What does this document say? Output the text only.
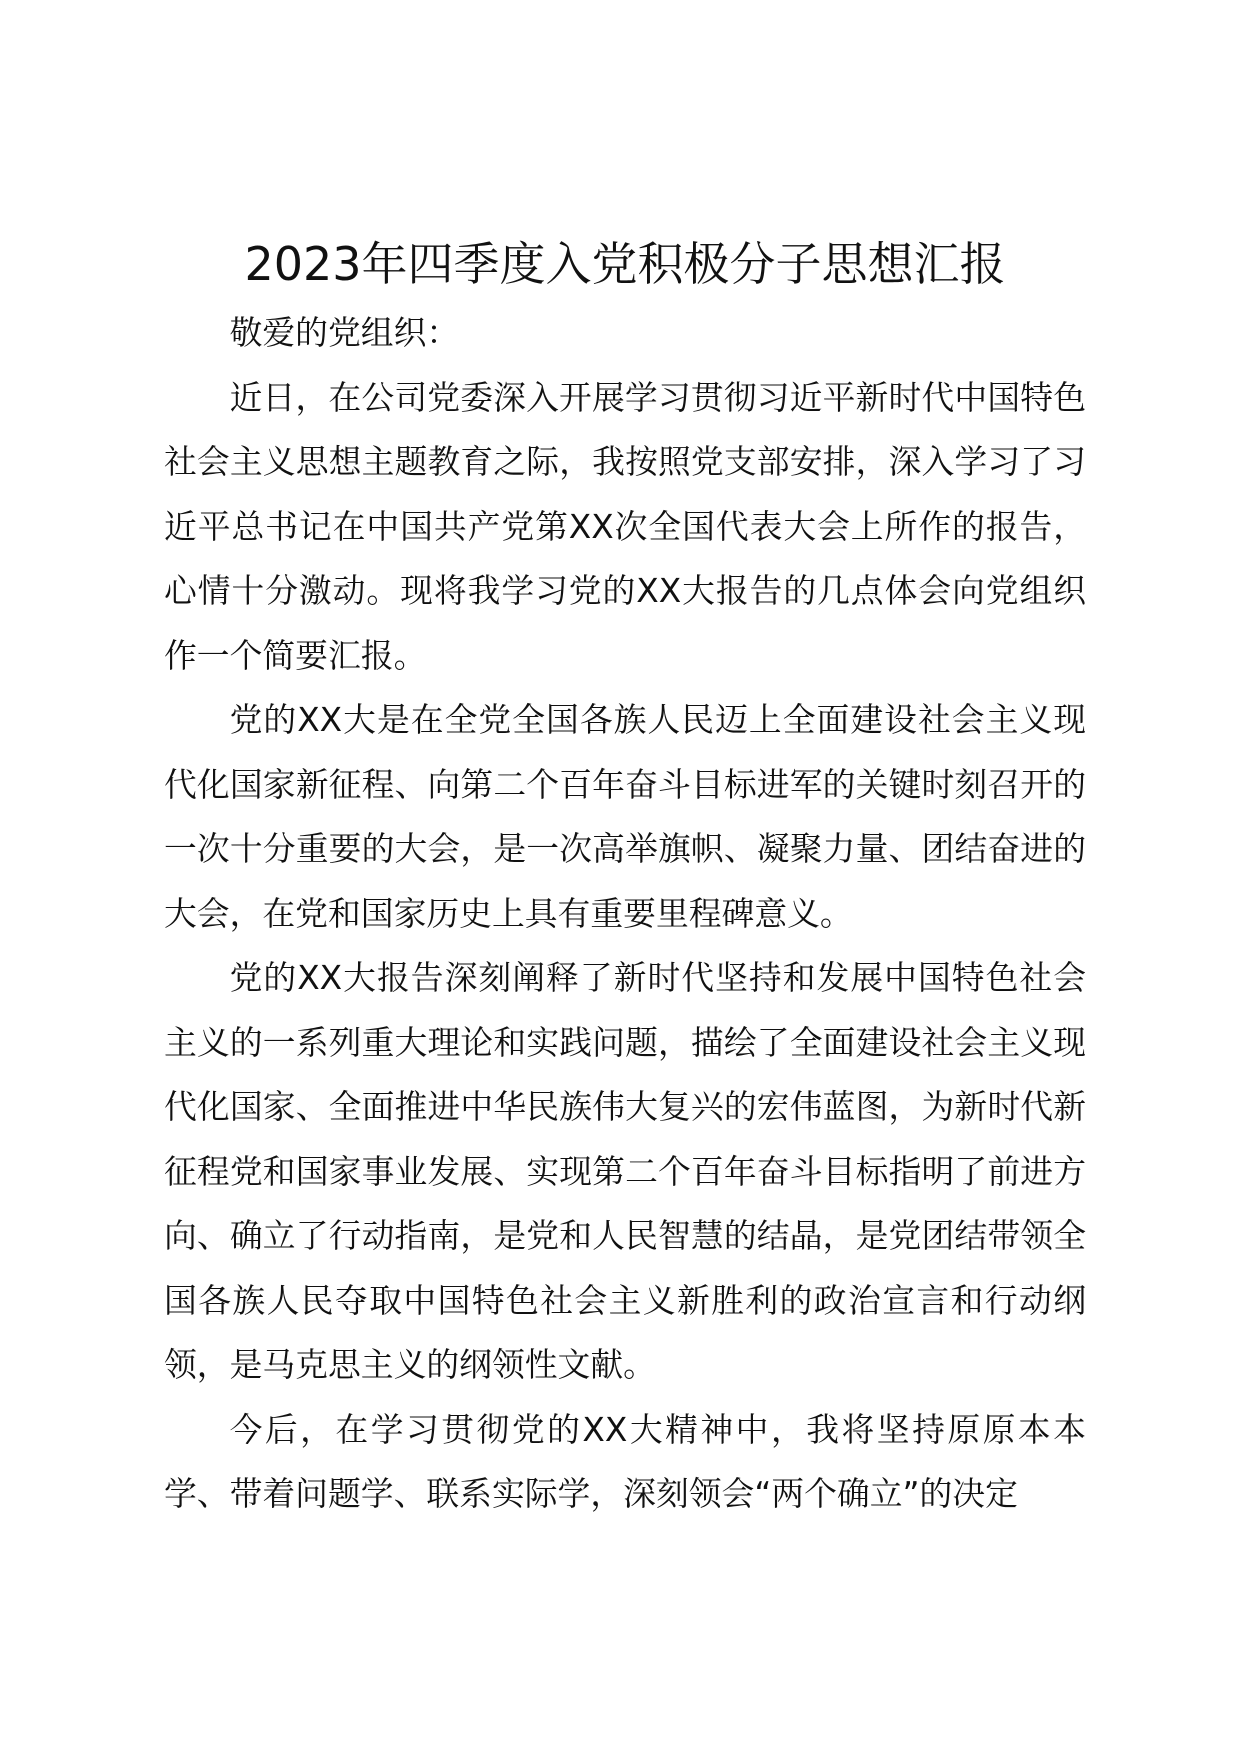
2023年四季度入党积极分子思想汇报

敬爱的党组织：

近日，在公司党委深入开展学习贯彻习近平新时代中国特色社会主义思想主题教育之际，我按照党支部安排，深入学习了习近平总书记在中国共产党第XX次全国代表大会上所作的报告，心情十分激动。现将我学习党的XX大报告的几点体会向党组织作一个简要汇报。

党的XX大是在全党全国各族人民迈上全面建设社会主义现代化国家新征程、向第二个百年奋斗目标进军的关键时刻召开的一次十分重要的大会，是一次高举旗帜、凝聚力量、团结奋进的大会，在党和国家历史上具有重要里程碑意义。

党的XX大报告深刻阐释了新时代坚持和发展中国特色社会主义的一系列重大理论和实践问题，描绘了全面建设社会主义现代化国家、全面推进中华民族伟大复兴的宏伟蓝图，为新时代新征程党和国家事业发展、实现第二个百年奋斗目标指明了前进方向、确立了行动指南，是党和人民智慧的结晶，是党团结带领全国各族人民夺取中国特色社会主义新胜利的政治宣言和行动纲领，是马克思主义的纲领性文献。

今后，在学习贯彻党的XX大精神中，我将坚持原原本本学、带着问题学、联系实际学，深刻领会“两个确立”的决定
